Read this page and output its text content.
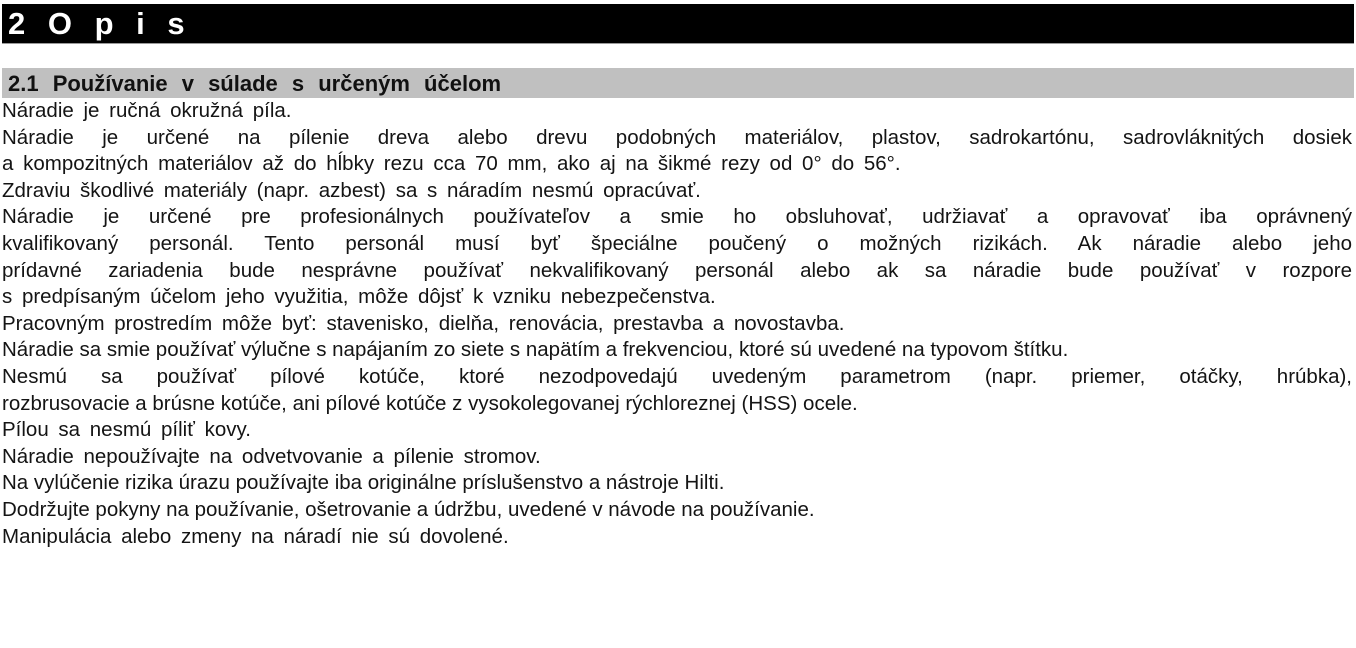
2 O p i s
2.1 Používanie v súlade s určeným účelom
Náradie je ručná okružná píla.
Náradie je určené na pílenie dreva alebo drevu podobných materiálov, plastov, sadrokartónu, sadrovláknitých dosiek
a kompozitných materiálov až do hĺbky rezu cca 70 mm, ako aj na šikmé rezy od 0° do 56°.
Zdraviu škodlivé materiály (napr. azbest) sa s náradím nesmú opracúvať.
Náradie je určené pre profesionálnych používateľov a smie ho obsluhovať, udržiavať a opravovať iba oprávnený
kvalifikovaný personál. Tento personál musí byť špeciálne poučený o možných rizikách. Ak náradie alebo jeho
prídavné zariadenia bude nesprávne používať nekvalifikovaný personál alebo ak sa náradie bude používať v rozpore
s predpísaným účelom jeho využitia, môže dôjsť k vzniku nebezpečenstva.
Pracovným prostredím môže byť: stavenisko, dielňa, renovácia, prestavba a novostavba.
Náradie sa smie používať výlučne s napájaním zo siete s napätím a frekvenciou, ktoré sú uvedené na typovom štítku.
Nesmú sa používať pílové kotúče, ktoré nezodpovedajú uvedeným parametrom (napr. priemer, otáčky, hrúbka),
rozbrusovacie a brúsne kotúče, ani pílové kotúče z vysokolegovanej rýchloreznej (HSS) ocele.
Pílou sa nesmú píliť kovy.
Náradie nepoužívajte na odvetvovanie a pílenie stromov.
Na vylúčenie rizika úrazu používajte iba originálne príslušenstvo a nástroje Hilti.
Dodržujte pokyny na používanie, ošetrovanie a údržbu, uvedené v návode na používanie.
Manipulácia alebo zmeny na náradí nie sú dovolené.
